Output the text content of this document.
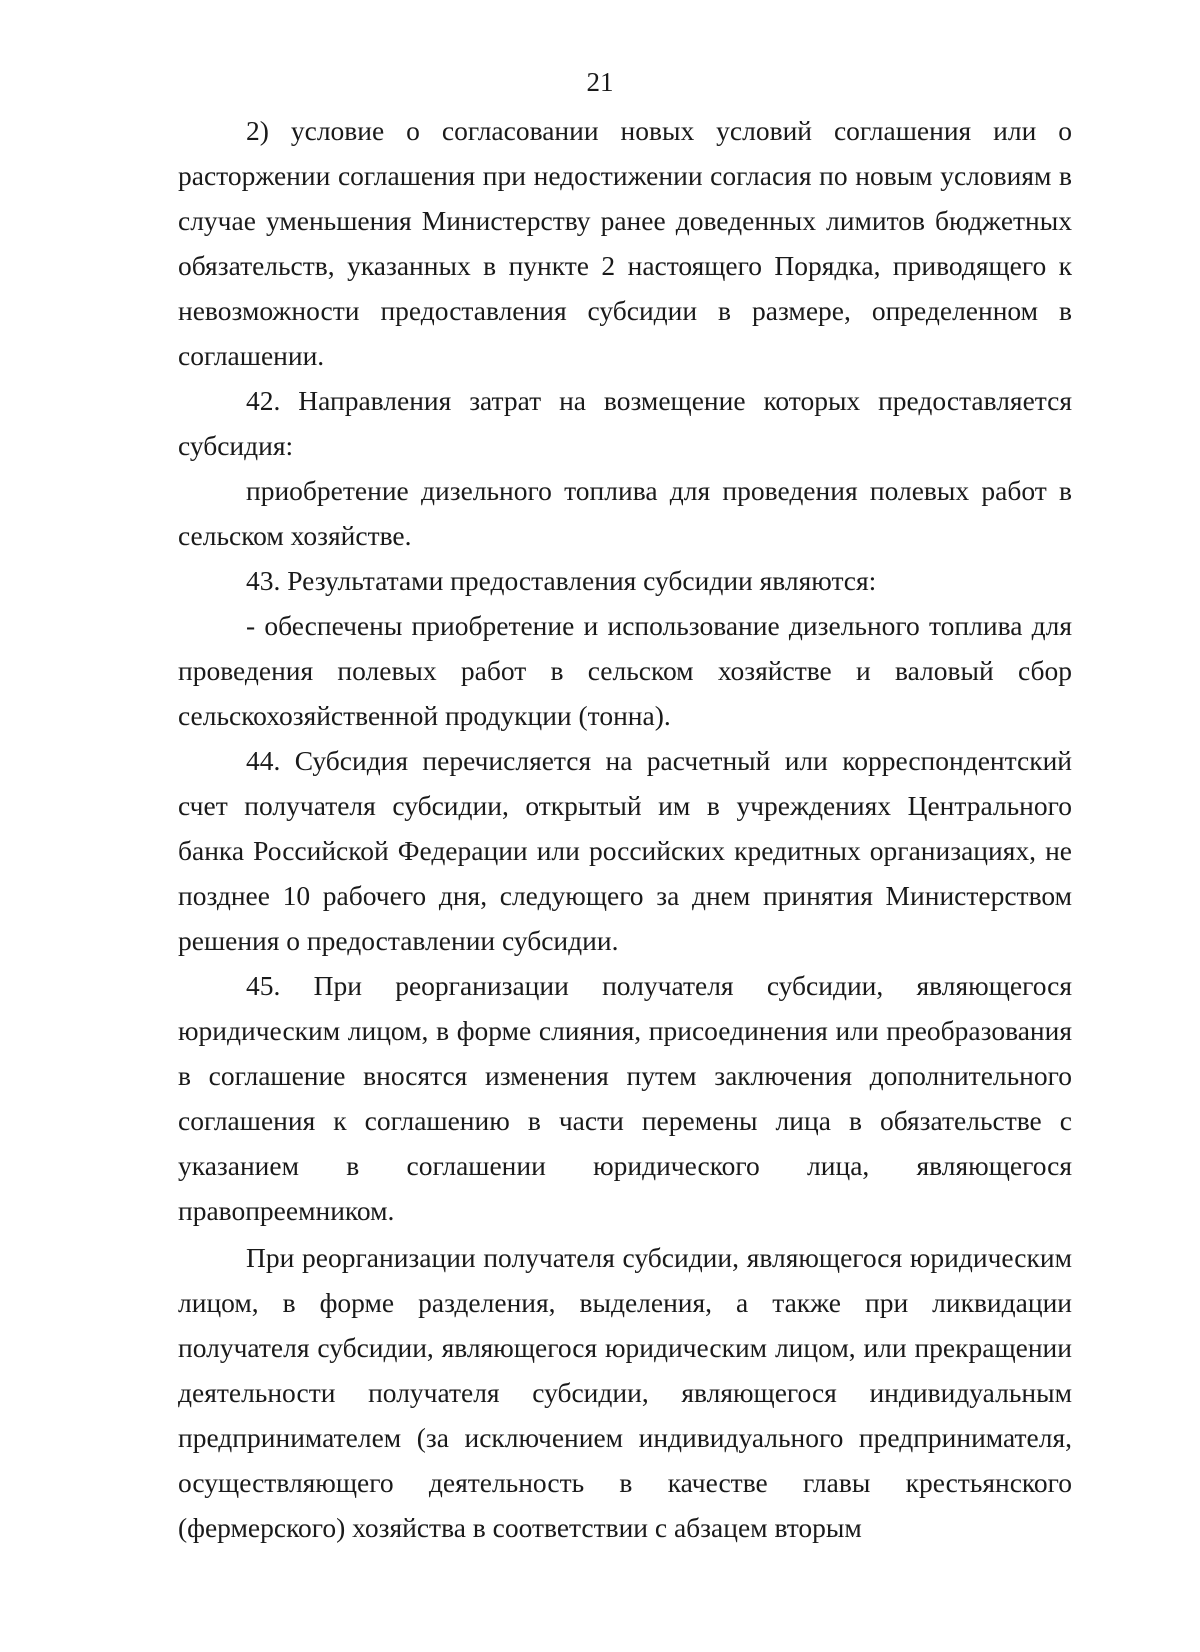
21

2) условие о согласовании новых условий соглашения или о расторжении соглашения при недостижении согласия по новым условиям в случае уменьшения Министерству ранее доведенных лимитов бюджетных обязательств, указанных в пункте 2 настоящего Порядка, приводящего к невозможности предоставления субсидии в размере, определенном в соглашении.

42. Направления затрат на возмещение которых предоставляется субсидия:

приобретение дизельного топлива для проведения полевых работ в сельском хозяйстве.

43. Результатами предоставления субсидии являются:

- обеспечены приобретение и использование дизельного топлива для проведения полевых работ в сельском хозяйстве и валовый сбор сельскохозяйственной продукции (тонна).

44. Субсидия перечисляется на расчетный или корреспондентский счет получателя субсидии, открытый им в учреждениях Центрального банка Российской Федерации или российских кредитных организациях, не позднее 10 рабочего дня, следующего за днем принятия Министерством решения о предоставлении субсидии.

45. При реорганизации получателя субсидии, являющегося юридическим лицом, в форме слияния, присоединения или преобразования в соглашение вносятся изменения путем заключения дополнительного соглашения к соглашению в части перемены лица в обязательстве с указанием в соглашении юридического лица, являющегося правопреемником.

При реорганизации получателя субсидии, являющегося юридическим лицом, в форме разделения, выделения, а также при ликвидации получателя субсидии, являющегося юридическим лицом, или прекращении деятельности получателя субсидии, являющегося индивидуальным предпринимателем (за исключением индивидуального предпринимателя, осуществляющего деятельность в качестве главы крестьянского (фермерского) хозяйства в соответствии с абзацем вторым
